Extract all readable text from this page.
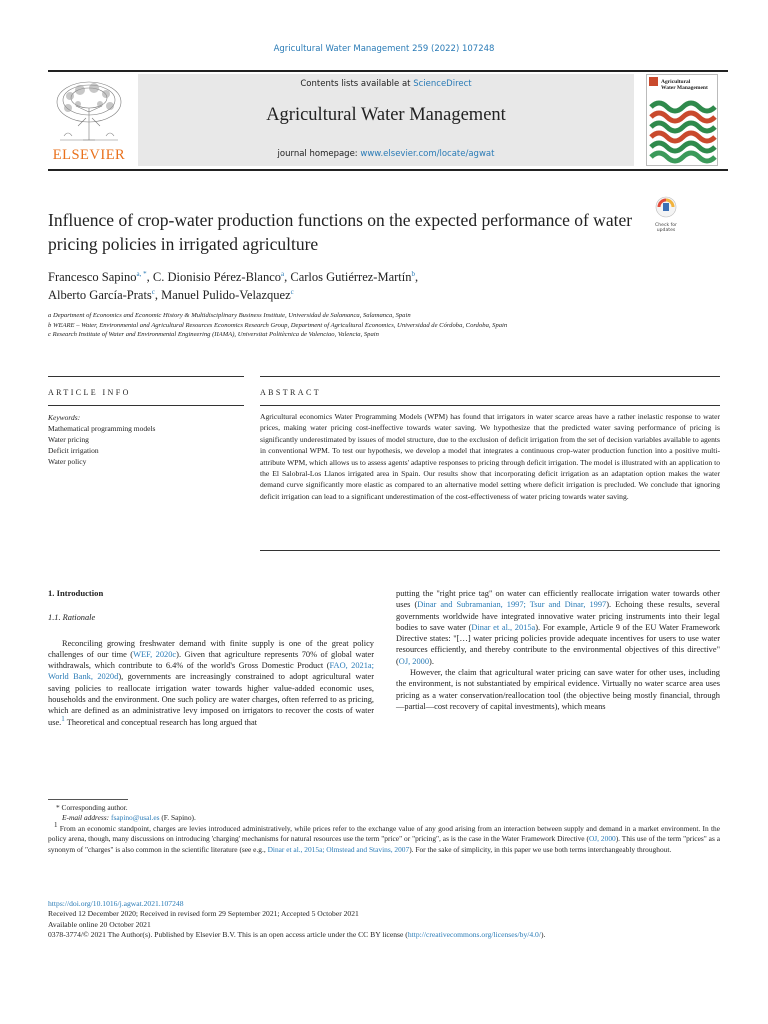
Agricultural Water Management 259 (2022) 107248
ELSEVIER
Contents lists available at ScienceDirect
Agricultural Water Management
journal homepage: www.elsevier.com/locate/agwat
Agricultural
Water Management
Check for
updates
Influence of crop-water production functions on the expected performance of water pricing policies in irrigated agriculture
Francesco Sapino$^{a, *}$, C. Dionisio Pérez-Blanco$^a$, Carlos Gutiérrez-Martín$^b$,
Alberto García-Prats$^c$, Manuel Pulido-Velazquez$^c$
a Department of Economics and Economic History & Multidisciplinary Business Institute, Universidad de Salamanca, Salamanca, Spain
b WEARE – Water, Environmental and Agricultural Resources Economics Research Group, Department of Agricultural Economics, Universidad de Córdoba, Cordoba, Spain
c Research Institute of Water and Environmental Engineering (IIAMA), Universitat Politècnica de Valenciao, Valencia, Spain
ARTICLE INFO	ABSTRACT
Keywords:
Mathematical programming models
Water pricing
Deficit irrigation
Water policy
Agricultural economics Water Programming Models (WPM) has found that irrigators in water scarce areas have a rather inelastic response to water prices, making water pricing cost-ineffective towards water saving. We hypothesize that the predicted water saving performance of pricing is significantly underestimated by issues of model structure, due to the exclusion of deficit irrigation from the set of decision variables available to agents in conventional WPM. To test our hypothesis, we develop a model that integrates a continuous crop-water production function into a positive multi-attribute WPM, which allows us to assess agents' adaptive responses to pricing through deficit irrigation. The model is illustrated with an application to the El Salobral-Los Llanos irrigated area in Spain. Our results show that incorporating deficit irrigation as an adaptation option makes the water demand curve significantly more elastic as compared to an alternative model setting where deficit irrigation is precluded. We conclude that ignoring deficit irrigation can lead to a significant underestimation of the cost-effectiveness of water pricing towards water saving.
1. Introduction
1.1. Rationale

Reconciling growing freshwater demand with finite supply is one of the great policy challenges of our time (WEF, 2020c). Given that agriculture represents 70% of global water withdrawals, which contribute to 6.4% of the world's Gross Domestic Product (FAO, 2021a; World Bank, 2020d), governments are increasingly constrained to adopt agricultural water saving policies to reallocate irrigation water towards higher value-added economic uses, households and the environment. One such policy are water charges, often referred to as pricing, which are defined as an administrative levy imposed on irrigators to recover the costs of water use.$^1$ Theoretical and conceptual research has long argued that

putting the "right price tag" on water can efficiently reallocate irrigation water towards other uses (Dinar and Subramanian, 1997; Tsur and Dinar, 1997). Echoing these results, several governments worldwide have integrated innovative water pricing instruments into their legal bodies to save water (Dinar et al., 2015a). For example, Article 9 of the EU Water Framework Directive states: "[…] water pricing policies provide adequate incentives for users to use water resources efficiently, and thereby contribute to the environmental objectives of this directive" (OJ, 2000).

However, the claim that agricultural water pricing can save water for other uses, including the environment, is not substantiated by empirical evidence. Virtually no water scarce area uses pricing as a water conservation/reallocation tool (the objective being mostly financial, through—partial—cost recovery of capital investments), which means

* Corresponding author.
E-mail address: fsapino@usal.es (F. Sapino).
$^1$ From an economic standpoint, charges are levies introduced administratively, while prices refer to the exchange value of any good arising from an interaction between supply and demand in a market environment. In the policy arena, though, many discussions on introducing 'charging' mechanisms for natural resources use the term "price" or "pricing", as is the case in the Water Framework Directive (OJ, 2000). This use of the term "prices" as a synonym of "charges" is also common in the scientific literature (see e.g., Dinar et al., 2015a; Olmstead and Stavins, 2007). For the sake of simplicity, in this paper we use both terms interchangeably throughout.
https://doi.org/10.1016/j.agwat.2021.107248
Received 12 December 2020; Received in revised form 29 September 2021; Accepted 5 October 2021
Available online 20 October 2021
0378-3774/© 2021 The Author(s). Published by Elsevier B.V. This is an open access article under the CC BY license (http://creativecommons.org/licenses/by/4.0/).
